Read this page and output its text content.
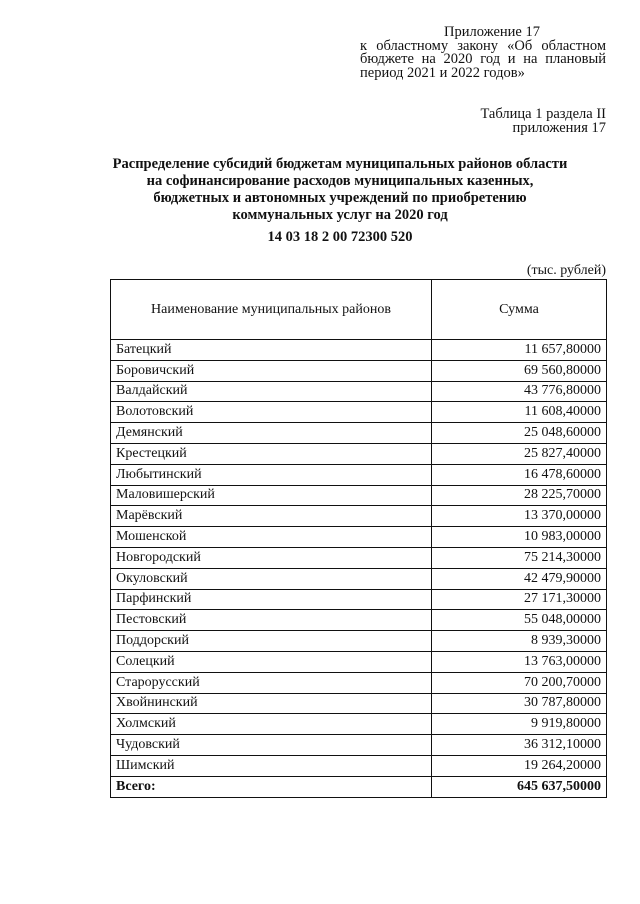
Приложение 17
к областному закону «Об областном
бюджете на 2020 год и на плановый
период 2021 и 2022 годов»
Таблица 1 раздела II
приложения 17
Распределение субсидий бюджетам муниципальных районов области
на софинансирование расходов муниципальных казенных,
бюджетных и автономных учреждений по приобретению
коммунальных услуг на 2020 год
14 03 18 2 00 72300 520
(тыс. рублей)
Наименование муниципальных районов	Сумма
Батецкий	11 657,80000
Боровичский	69 560,80000
Валдайский	43 776,80000
Волотовский	11 608,40000
Демянский	25 048,60000
Крестецкий	25 827,40000
Любытинский	16 478,60000
Маловишерский	28 225,70000
Марёвский	13 370,00000
Мошенской	10 983,00000
Новгородский	75 214,30000
Окуловский	42 479,90000
Парфинский	27 171,30000
Пестовский	55 048,00000
Поддорский	8 939,30000
Солецкий	13 763,00000
Старорусский	70 200,70000
Хвойнинский	30 787,80000
Холмский	9 919,80000
Чудовский	36 312,10000
Шимский	19 264,20000
Всего:	645 637,50000
